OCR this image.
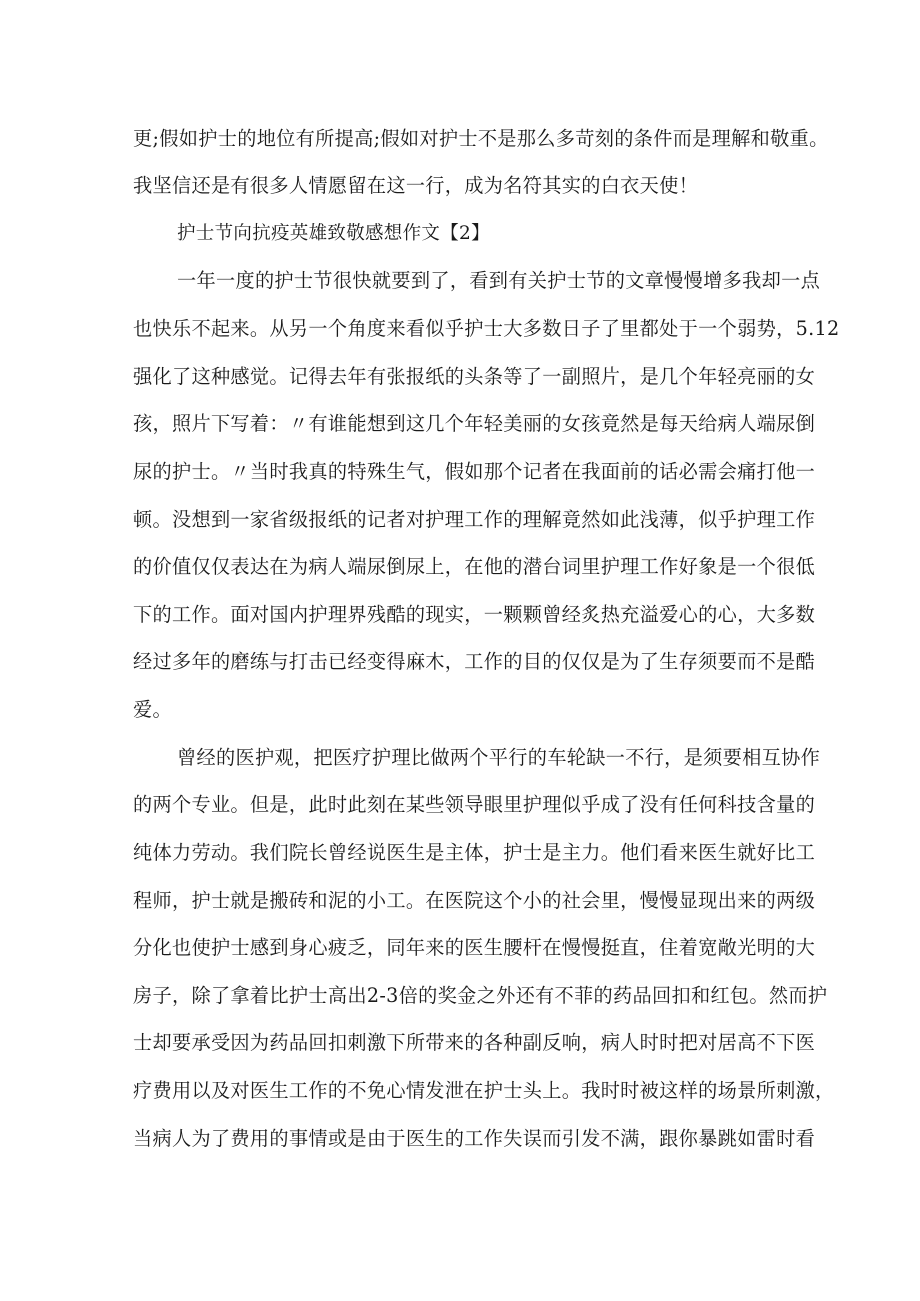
更;假如护士的地位有所提高;假如对护士不是那么多苛刻的条件而是理解和敬重。
我坚信还是有很多人情愿留在这一行，成为名符其实的白衣天使！
护士节向抗疫英雄致敬感想作文【2】
一年一度的护士节很快就要到了，看到有关护士节的文章慢慢增多我却一点
也快乐不起来。从另一个角度来看似乎护士大多数日子了里都处于一个弱势，5.12
强化了这种感觉。记得去年有张报纸的头条等了一副照片，是几个年轻亮丽的女
孩，照片下写着：〃有谁能想到这几个年轻美丽的女孩竟然是每天给病人端尿倒
尿的护士。〃当时我真的特殊生气，假如那个记者在我面前的话必需会痛打他一
顿。没想到一家省级报纸的记者对护理工作的理解竟然如此浅薄，似乎护理工作
的价值仅仅表达在为病人端尿倒尿上，在他的潜台词里护理工作好象是一个很低
下的工作。面对国内护理界残酷的现实，一颗颗曾经炙热充溢爱心的心，大多数
经过多年的磨练与打击已经变得麻木，工作的目的仅仅是为了生存须要而不是酷
爱。
曾经的医护观，把医疗护理比做两个平行的车轮缺一不行，是须要相互协作
的两个专业。但是，此时此刻在某些领导眼里护理似乎成了没有任何科技含量的
纯体力劳动。我们院长曾经说医生是主体，护士是主力。他们看来医生就好比工
程师，护士就是搬砖和泥的小工。在医院这个小的社会里，慢慢显现出来的两级
分化也使护士感到身心疲乏，同年来的医生腰杆在慢慢挺直，住着宽敞光明的大
房子，除了拿着比护士高出2-3倍的奖金之外还有不菲的药品回扣和红包。然而护
士却要承受因为药品回扣刺激下所带来的各种副反响，病人时时把对居高不下医
疗费用以及对医生工作的不免心情发泄在护士头上。我时时被这样的场景所刺激，
当病人为了费用的事情或是由于医生的工作失误而引发不满，跟你暴跳如雷时看
